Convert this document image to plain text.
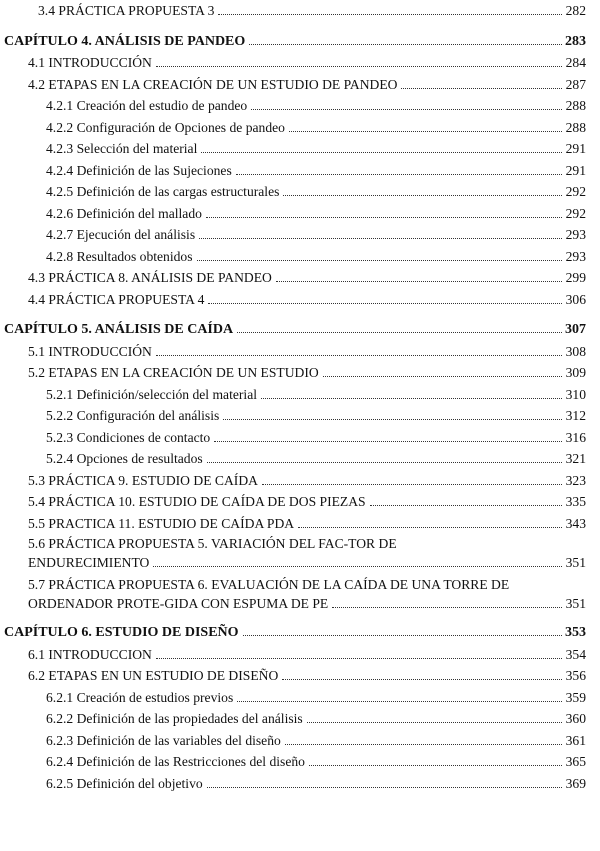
3.4 PRÁCTICA PROPUESTA 3	282
CAPÍTULO 4. ANÁLISIS DE PANDEO	283
4.1 INTRODUCCIÓN	284
4.2 ETAPAS EN LA CREACIÓN DE UN ESTUDIO DE PANDEO	287
4.2.1 Creación del estudio de pandeo	288
4.2.2 Configuración de Opciones de pandeo	288
4.2.3 Selección del material	291
4.2.4 Definición de las Sujeciones	291
4.2.5 Definición de las cargas estructurales	292
4.2.6 Definición del mallado	292
4.2.7 Ejecución del análisis	293
4.2.8 Resultados obtenidos	293
4.3 PRÁCTICA 8. ANÁLISIS DE PANDEO	299
4.4 PRÁCTICA PROPUESTA 4	306
CAPÍTULO 5. ANÁLISIS DE CAÍDA	307
5.1 INTRODUCCIÓN	308
5.2 ETAPAS EN LA CREACIÓN DE UN ESTUDIO	309
5.2.1 Definición/selección del material	310
5.2.2 Configuración del análisis	312
5.2.3 Condiciones de contacto	316
5.2.4 Opciones de resultados	321
5.3 PRÁCTICA 9. ESTUDIO DE CAÍDA	323
5.4 PRÁCTICA 10. ESTUDIO DE CAÍDA DE DOS PIEZAS	335
5.5 PRACTICA 11. ESTUDIO DE CAÍDA PDA	343
5.6 PRÁCTICA PROPUESTA 5. VARIACIÓN DEL FAC-TOR DE
ENDURECIMIENTO	351
5.7 PRÁCTICA PROPUESTA 6. EVALUACIÓN DE LA CAÍDA DE UNA TORRE DE
ORDENADOR PROTE-GIDA CON ESPUMA DE PE	351
CAPÍTULO 6. ESTUDIO DE DISEÑO	353
6.1 INTRODUCCION	354
6.2 ETAPAS EN UN ESTUDIO DE DISEÑO	356
6.2.1 Creación de estudios previos	359
6.2.2 Definición de las propiedades del análisis	360
6.2.3 Definición de las variables del diseño	361
6.2.4 Definición de las Restricciones del diseño	365
6.2.5 Definición del objetivo	369
